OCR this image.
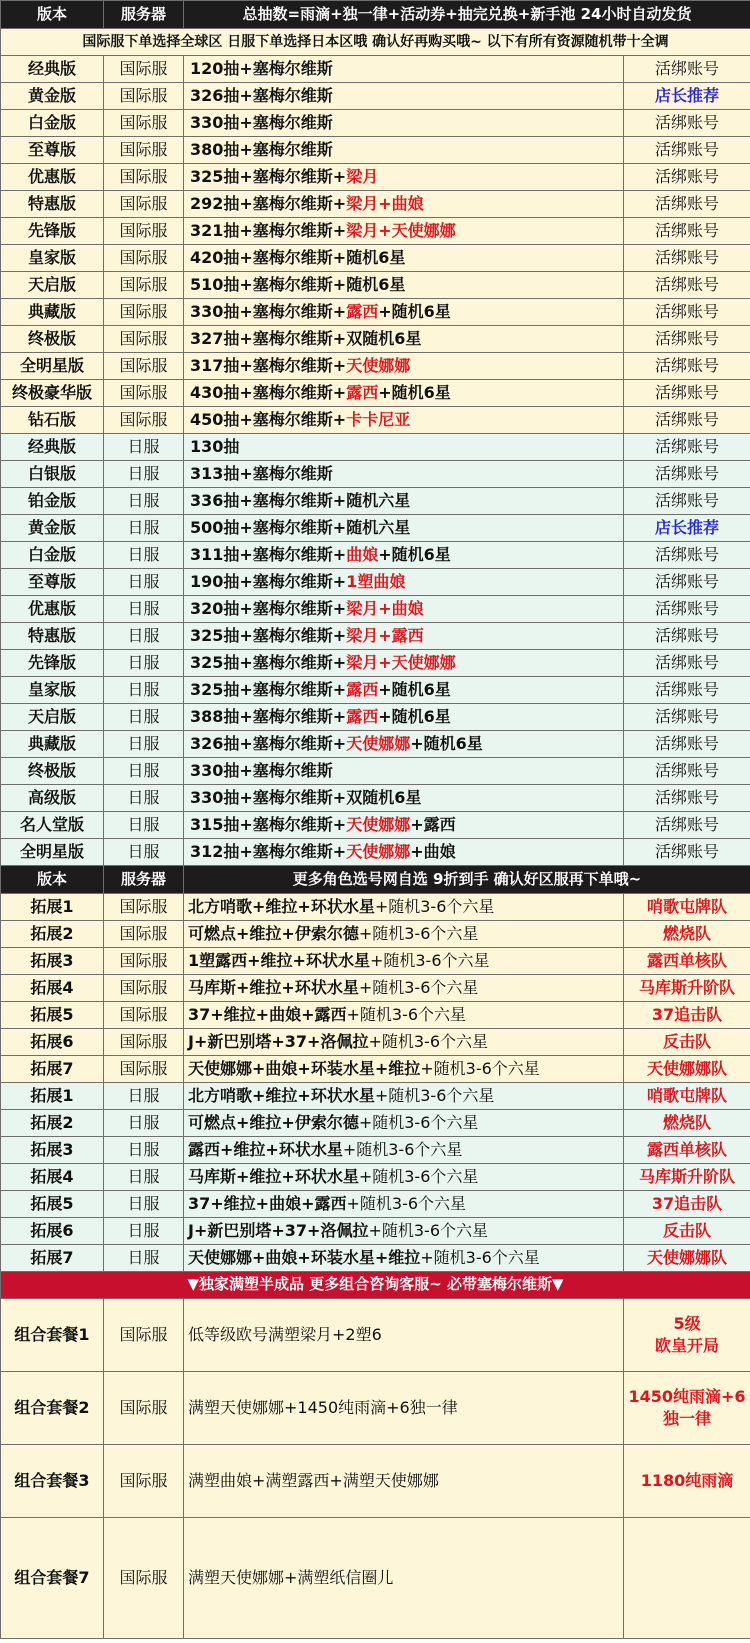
版本	服务器	总抽数=雨滴+独一律+活动券+抽完兑换+新手池 24小时自动发货	
国际服下单选择全球区 日服下单选择日本区哦 确认好再购买哦~ 以下有所有资源随机带十全调			
经典版	国际服	120抽+塞梅尔维斯	活绑账号
黄金版	国际服	326抽+塞梅尔维斯	店长推荐
白金版	国际服	330抽+塞梅尔维斯	活绑账号
至尊版	国际服	380抽+塞梅尔维斯	活绑账号
优惠版	国际服	325抽+塞梅尔维斯+梁月	活绑账号
特惠版	国际服	292抽+塞梅尔维斯+梁月+曲娘	活绑账号
先锋版	国际服	321抽+塞梅尔维斯+梁月+天使娜娜	活绑账号
皇家版	国际服	420抽+塞梅尔维斯+随机6星	活绑账号
天启版	国际服	510抽+塞梅尔维斯+随机6星	活绑账号
典藏版	国际服	330抽+塞梅尔维斯+露西+随机6星	活绑账号
终极版	国际服	327抽+塞梅尔维斯+双随机6星	活绑账号
全明星版	国际服	317抽+塞梅尔维斯+天使娜娜	活绑账号
终极豪华版	国际服	430抽+塞梅尔维斯+露西+随机6星	活绑账号
钻石版	国际服	450抽+塞梅尔维斯+卡卡尼亚	活绑账号
经典版	日服	130抽	活绑账号
白银版	日服	313抽+塞梅尔维斯	活绑账号
铂金版	日服	336抽+塞梅尔维斯+随机六星	活绑账号
黄金版	日服	500抽+塞梅尔维斯+随机六星	店长推荐
白金版	日服	311抽+塞梅尔维斯+曲娘+随机6星	活绑账号
至尊版	日服	190抽+塞梅尔维斯+1塑曲娘	活绑账号
优惠版	日服	320抽+塞梅尔维斯+梁月+曲娘	活绑账号
特惠版	日服	325抽+塞梅尔维斯+梁月+露西	活绑账号
先锋版	日服	325抽+塞梅尔维斯+梁月+天使娜娜	活绑账号
皇家版	日服	325抽+塞梅尔维斯+露西+随机6星	活绑账号
天启版	日服	388抽+塞梅尔维斯+露西+随机6星	活绑账号
典藏版	日服	326抽+塞梅尔维斯+天使娜娜+随机6星	活绑账号
终极版	日服	330抽+塞梅尔维斯	活绑账号
高级版	日服	330抽+塞梅尔维斯+双随机6星	活绑账号
名人堂版	日服	315抽+塞梅尔维斯+天使娜娜+露西	活绑账号
全明星版	日服	312抽+塞梅尔维斯+天使娜娜+曲娘	活绑账号
版本	服务器	更多角色选号网自选 9折到手 确认好区服再下单哦~	
拓展1	国际服	北方哨歌+维拉+环状水星+随机3-6个六星	哨歌屯牌队
拓展2	国际服	可燃点+维拉+伊索尔德+随机3-6个六星	燃烧队
拓展3	国际服	1塑露西+维拉+环状水星+随机3-6个六星	露西单核队
拓展4	国际服	马库斯+维拉+环状水星+随机3-6个六星	马库斯升阶队
拓展5	国际服	37+维拉+曲娘+露西+随机3-6个六星	37追击队
拓展6	国际服	J+新巴别塔+37+洛佩拉+随机3-6个六星	反击队
拓展7	国际服	天使娜娜+曲娘+环装水星+维拉+随机3-6个六星	天使娜娜队
拓展1	日服	北方哨歌+维拉+环状水星+随机3-6个六星	哨歌屯牌队
拓展2	日服	可燃点+维拉+伊索尔德+随机3-6个六星	燃烧队
拓展3	日服	露西+维拉+环状水星+随机3-6个六星	露西单核队
拓展4	日服	马库斯+维拉+环状水星+随机3-6个六星	马库斯升阶队
拓展5	日服	37+维拉+曲娘+露西+随机3-6个六星	37追击队
拓展6	日服	J+新巴别塔+37+洛佩拉+随机3-6个六星	反击队
拓展7	日服	天使娜娜+曲娘+环装水星+维拉+随机3-6个六星	天使娜娜队
▼独家满塑半成品 更多组合咨询客服~ 必带塞梅尔维斯▼			
组合套餐1	国际服	低等级欧号满塑梁月+2塑6	5级
欧皇开局
组合套餐2	国际服	满塑天使娜娜+1450纯雨滴+6独一律	1450纯雨滴+6
独一律
组合套餐3	国际服	满塑曲娘+满塑露西+满塑天使娜娜	1180纯雨滴
组合套餐7	国际服	满塑天使娜娜+满塑纸信圈儿	
